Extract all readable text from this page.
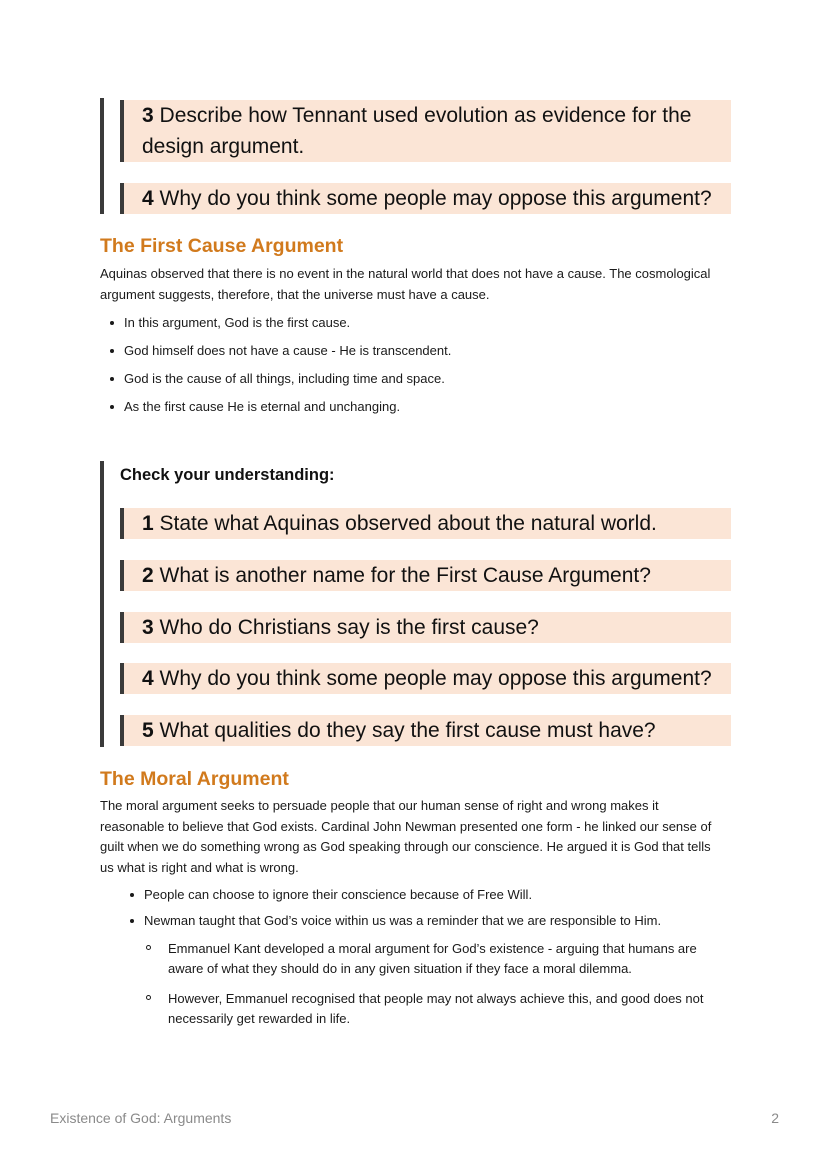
3 Describe how Tennant used evolution as evidence for the design argument.
4 Why do you think some people may oppose this argument?
The First Cause Argument

Aquinas observed that there is no event in the natural world that does not have a cause. The cosmological argument suggests, therefore, that the universe must have a cause.

In this argument, God is the first cause.
God himself does not have a cause - He is transcendent.
God is the cause of all things, including time and space.
As the first cause He is eternal and unchanging.
Check your understanding:
1 State what Aquinas observed about the natural world.
2 What is another name for the First Cause Argument?
3 Who do Christians say is the first cause?
4 Why do you think some people may oppose this argument?
5 What qualities do they say the first cause must have?
The Moral Argument

The moral argument seeks to persuade people that our human sense of right and wrong makes it reasonable to believe that God exists. Cardinal John Newman presented one form - he linked our sense of guilt when we do something wrong as God speaking through our conscience. He argued it is God that tells us what is right and what is wrong.

People can choose to ignore their conscience because of Free Will.
Newman taught that God’s voice within us was a reminder that we are responsible to Him.
Emmanuel Kant developed a moral argument for God’s existence - arguing that humans are aware of what they should do in any given situation if they face a moral dilemma.
However, Emmanuel recognised that people may not always achieve this, and good does not necessarily get rewarded in life.
Existence of God: Arguments	2
